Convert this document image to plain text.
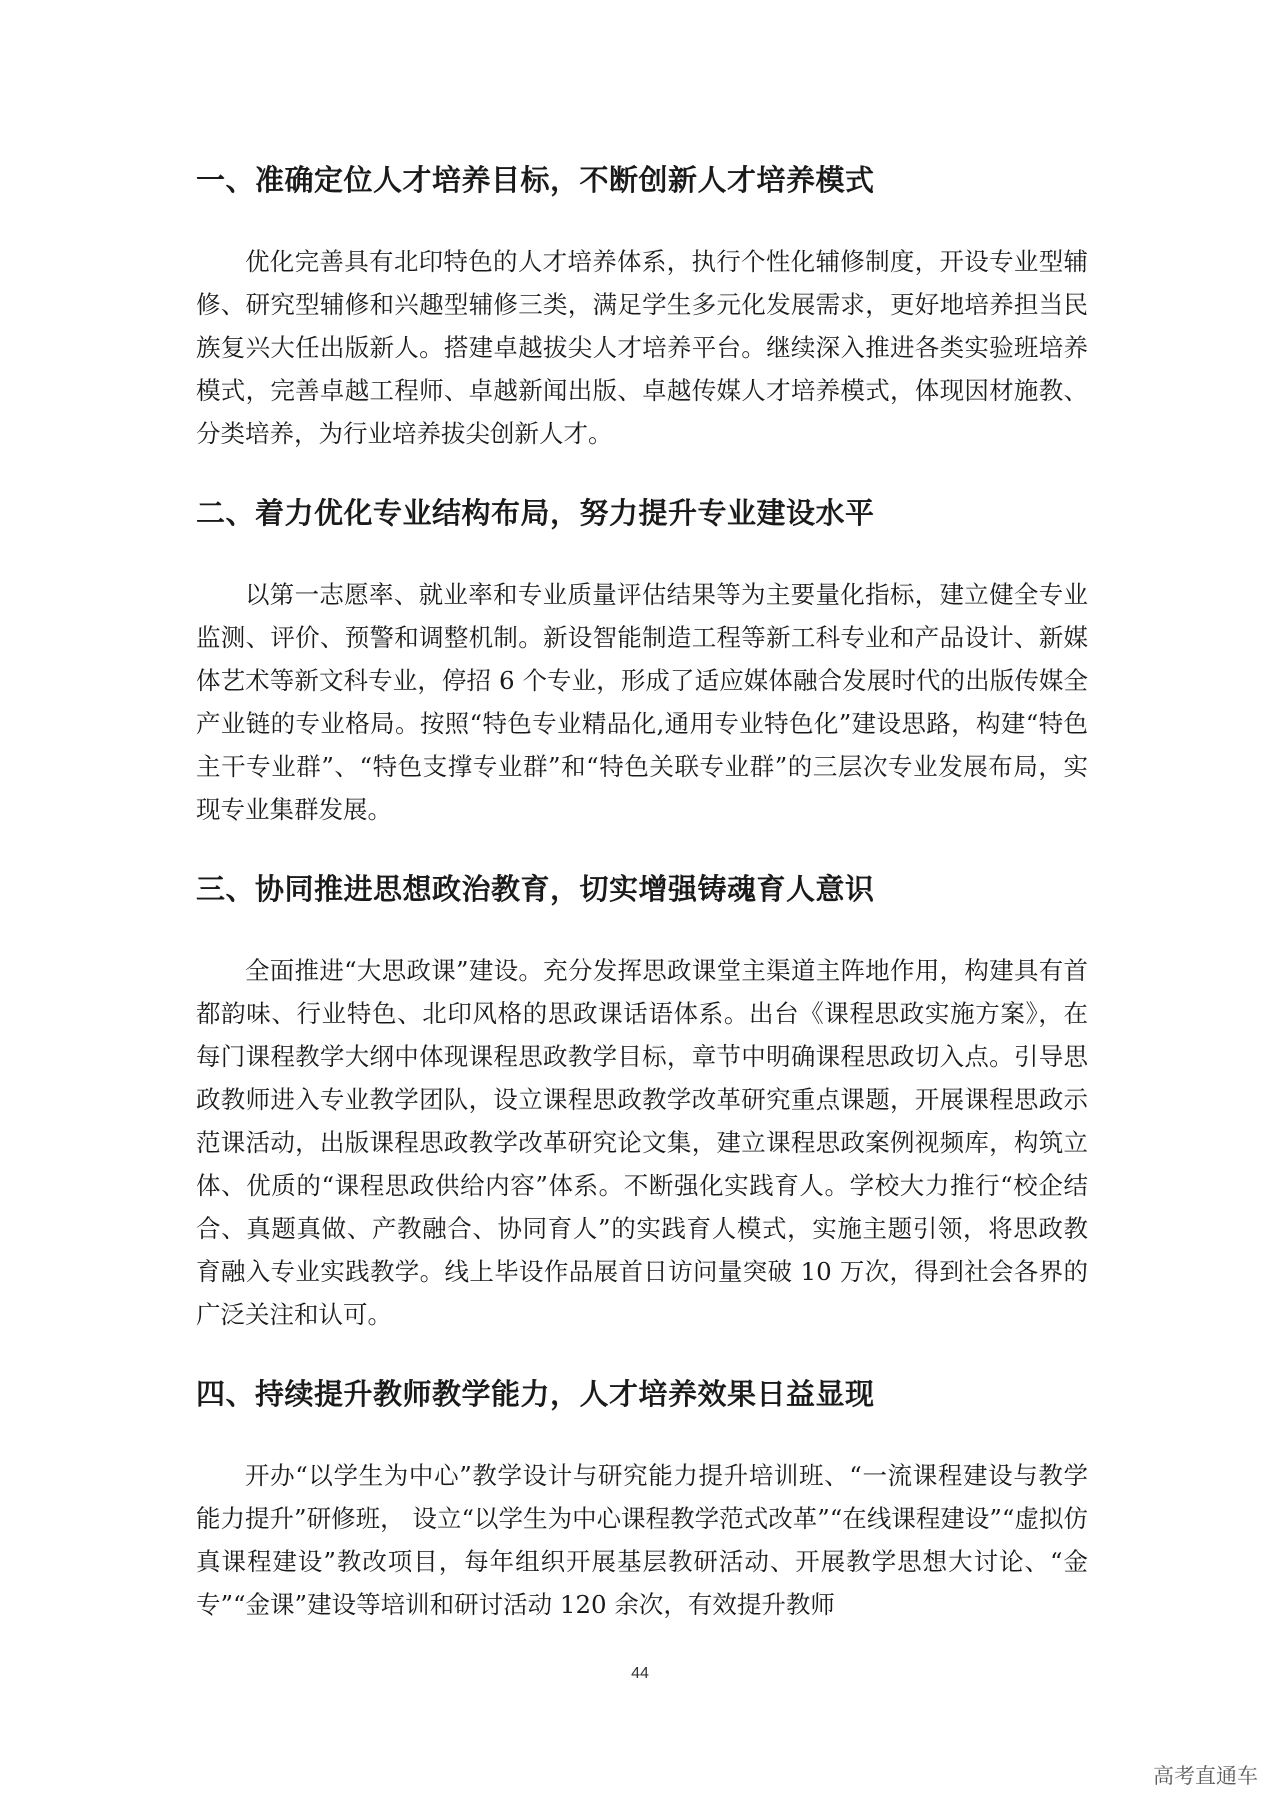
一、准确定位人才培养目标，不断创新人才培养模式

优化完善具有北印特色的人才培养体系，执行个性化辅修制度，开设专业型辅修、研究型辅修和兴趣型辅修三类，满足学生多元化发展需求，更好地培养担当民族复兴大任出版新人。搭建卓越拔尖人才培养平台。继续深入推进各类实验班培养模式，完善卓越工程师、卓越新闻出版、卓越传媒人才培养模式，体现因材施教、分类培养，为行业培养拔尖创新人才。

二、着力优化专业结构布局，努力提升专业建设水平

以第一志愿率、就业率和专业质量评估结果等为主要量化指标，建立健全专业监测、评价、预警和调整机制。新设智能制造工程等新工科专业和产品设计、新媒体艺术等新文科专业，停招 6 个专业，形成了适应媒体融合发展时代的出版传媒全产业链的专业格局。按照“特色专业精品化,通用专业特色化”建设思路，构建“特色主干专业群”、“特色支撑专业群”和“特色关联专业群”的三层次专业发展布局，实现专业集群发展。

三、协同推进思想政治教育，切实增强铸魂育人意识

全面推进“大思政课”建设。充分发挥思政课堂主渠道主阵地作用，构建具有首都韵味、行业特色、北印风格的思政课话语体系。出台《课程思政实施方案》，在每门课程教学大纲中体现课程思政教学目标，章节中明确课程思政切入点。引导思政教师进入专业教学团队，设立课程思政教学改革研究重点课题，开展课程思政示范课活动，出版课程思政教学改革研究论文集，建立课程思政案例视频库，构筑立体、优质的“课程思政供给内容”体系。不断强化实践育人。学校大力推行“校企结合、真题真做、产教融合、协同育人”的实践育人模式，实施主题引领，将思政教育融入专业实践教学。线上毕设作品展首日访问量突破 10 万次，得到社会各界的广泛关注和认可。

四、持续提升教师教学能力，人才培养效果日益显现

开办“以学生为中心”教学设计与研究能力提升培训班、“一流课程建设与教学能力提升”研修班， 设立“以学生为中心课程教学范式改革”“在线课程建设”“虚拟仿真课程建设”教改项目，每年组织开展基层教研活动、开展教学思想大讨论、“金专”“金课”建设等培训和研讨活动 120 余次，有效提升教师

44
高考直通车
